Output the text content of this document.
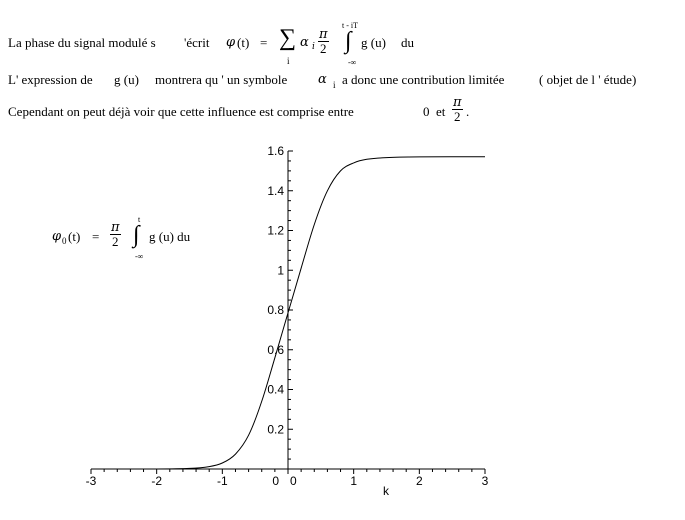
La phase du signal modulé s 'écrit φ (t) = ∑
i
α i $\frac{\pi}{2}$
t - iT
∫
-∞
g (u) du
L' expression de g (u) montrera qu ' un symbole α i a donc une contribution limitée	( objet de l ' étude)
Cependant on peut déjà voir que cette influence est comprise entre	0 et $\frac{\pi}{2}$ .
φ 0 $(t) = \frac{\pi}{2}$
t
∫
-∞
g (u) du
-3	-2	-1	0 0	1	2	3
0.2
0.4
0.6
0.8
1
1.2
1.4
1.6
k
